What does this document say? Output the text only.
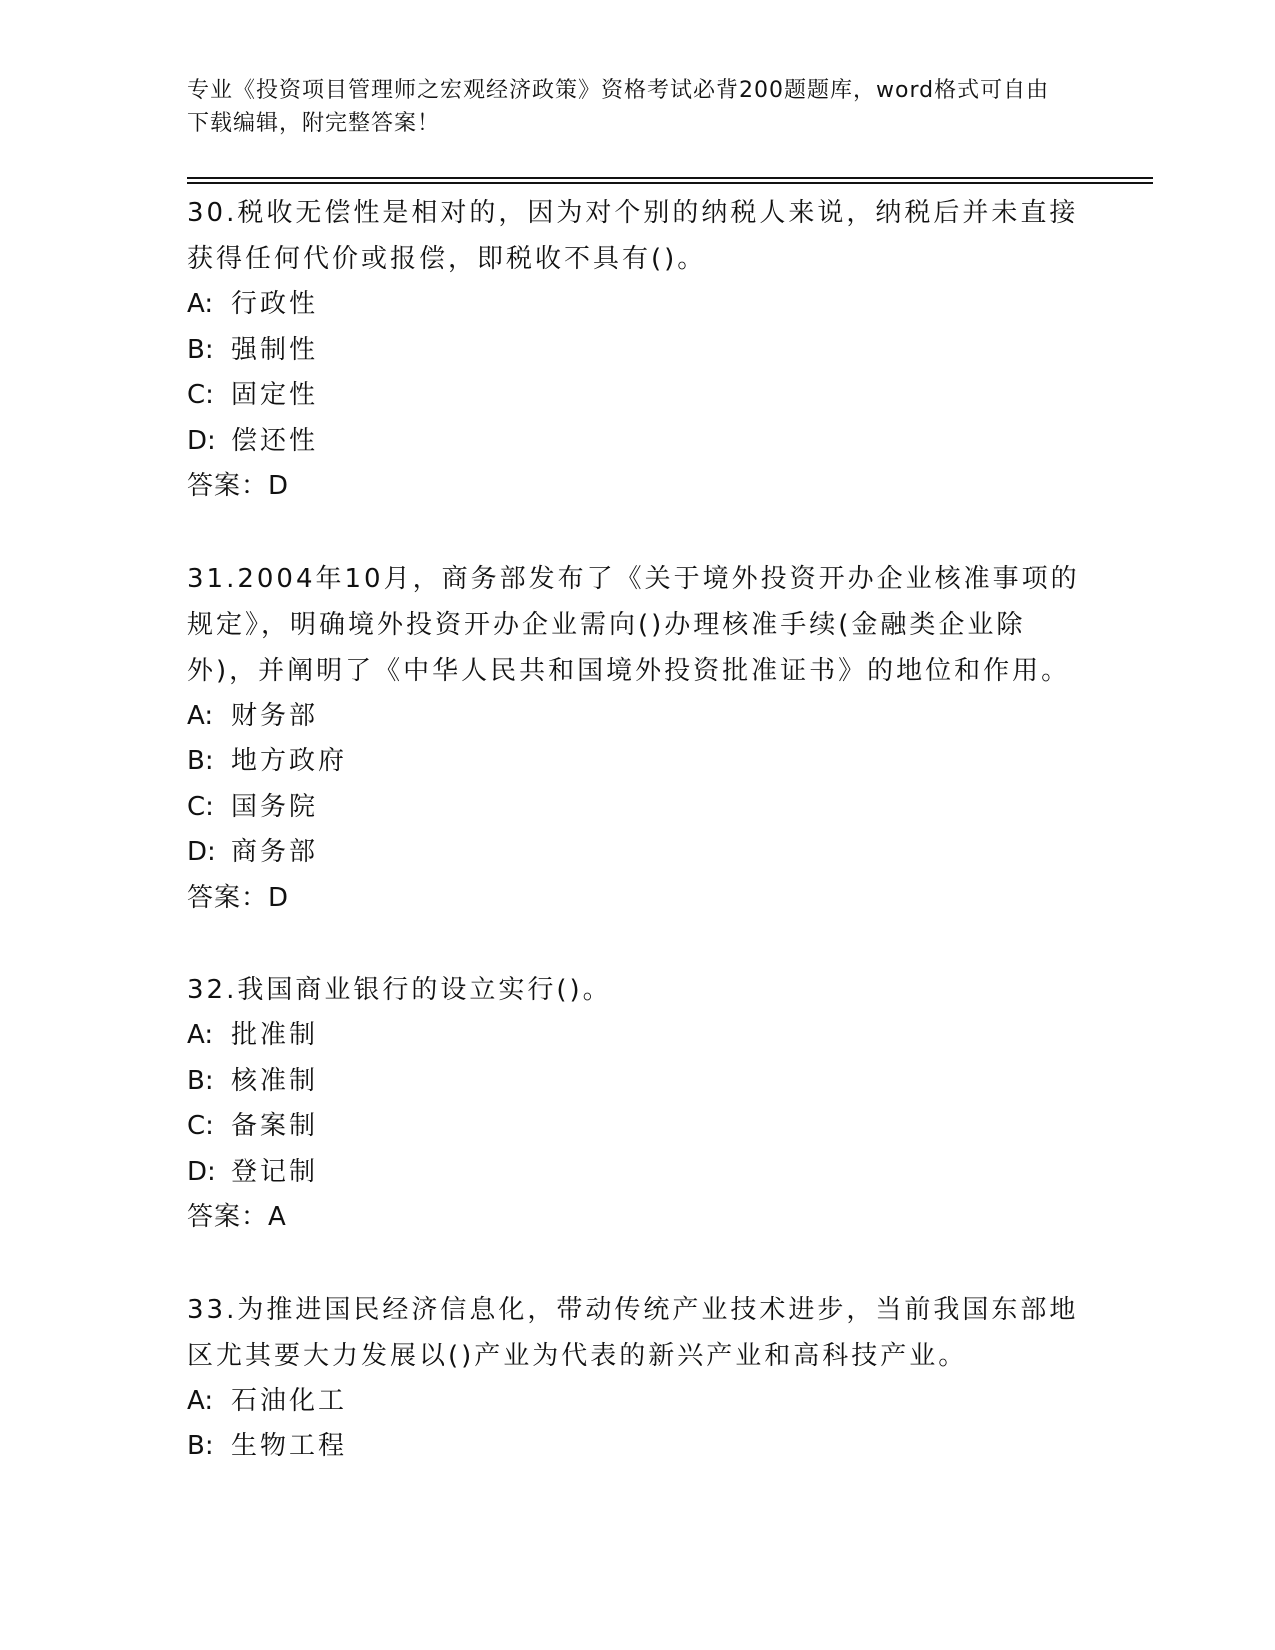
专业《投资项目管理师之宏观经济政策》资格考试必背200题题库，word格式可自由下载编辑，附完整答案！
30.税收无偿性是相对的，因为对个别的纳税人来说，纳税后并未直接获得任何代价或报偿，即税收不具有()。
A: 行政性
B: 强制性
C: 固定性
D: 偿还性
答案：D
31.2004年10月，商务部发布了《关于境外投资开办企业核准事项的规定》，明确境外投资开办企业需向()办理核准手续(金融类企业除外)，并阐明了《中华人民共和国境外投资批准证书》的地位和作用。
A: 财务部
B: 地方政府
C: 国务院
D: 商务部
答案：D
32.我国商业银行的设立实行()。
A: 批准制
B: 核准制
C: 备案制
D: 登记制
答案：A
33.为推进国民经济信息化，带动传统产业技术进步，当前我国东部地区尤其要大力发展以()产业为代表的新兴产业和高科技产业。
A: 石油化工
B: 生物工程
